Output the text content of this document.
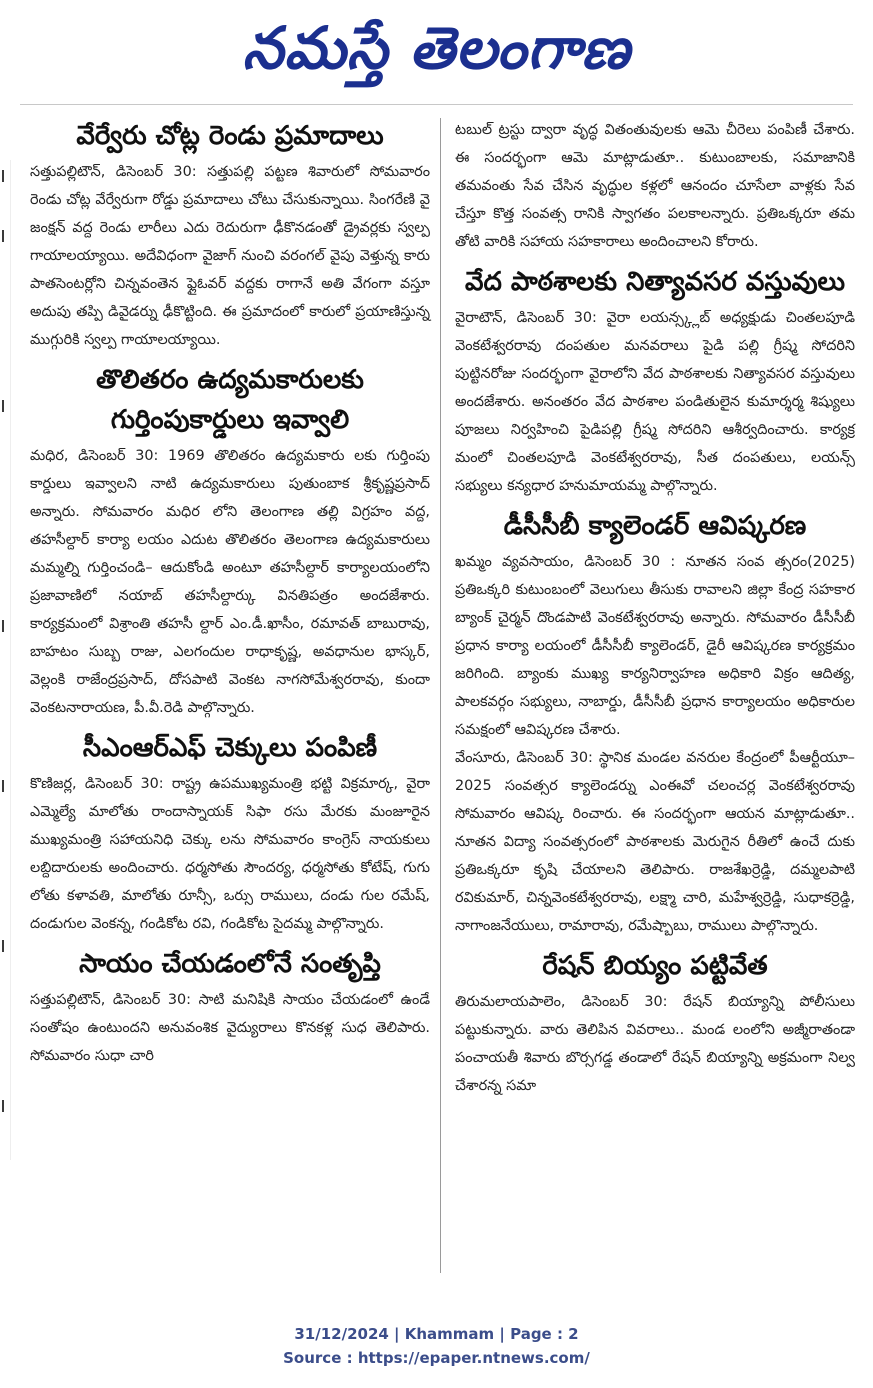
నమస్తే తెలంగాణ
వేర్వేరు చోట్ల రెండు ప్రమాదాలు

సత్తుపల్లిటౌన్, డిసెంబర్ 30: సత్తుపల్లి పట్టణ శివారులో సోమవారం రెండు చోట్ల వేర్వేరుగా రోడ్డు ప్రమాదాలు చోటు చేసుకున్నాయి. సింగరేణి వై జంక్షన్ వద్ద రెండు లారీలు ఎదు రెదురుగా ఢీకొనడంతో డ్రైవర్లకు స్వల్ప గాయాలయ్యాయి. అదేవిధంగా వైజాగ్ నుంచి వరంగల్ వైపు వెళ్తున్న కారు పాతసెంటర్లోని చిన్నవంతెన ఫ్లైఓవర్ వద్దకు రాగానే అతి వేగంగా వస్తూ అదుపు తప్పి డివైడర్ను ఢీకొట్టింది. ఈ ప్రమాదంలో కారులో ప్రయాణిస్తున్న ముగ్గురికి స్వల్ప గాయాలయ్యాయి.

తొలితరం ఉద్యమకారులకు గుర్తింపుకార్డులు ఇవ్వాలి

మధిర, డిసెంబర్ 30: 1969 తొలితరం ఉద్యమకారు లకు గుర్తింపు కార్డులు ఇవ్వాలని నాటి ఉద్యమకారులు పుతుంబాక శ్రీకృష్ణప్రసాద్ అన్నారు. సోమవారం మధిర లోని తెలంగాణ తల్లి విగ్రహం వద్ద, తహసీల్దార్ కార్యా లయం ఎదుట తొలితరం తెలంగాణ ఉద్యమకారులు మమ్మల్ని గుర్తించండి– ఆదుకోండి అంటూ తహసీల్దార్ కార్యాలయంలోని ప్రజావాణిలో నయాబ్ తహసీల్దార్కు వినతిపత్రం అందజేశారు. కార్యక్రమంలో విశ్రాంతి తహసీ ల్దార్ ఎం.డీ.ఖాసీం, రమావత్ బాబురావు, బాహటం సుబ్బ రాజు, ఎలగందుల రాధాకృష్ణ, అవధానుల భాస్కర్, వెల్లంకి రాజేంద్రప్రసాద్, దోసపాటి వెంకట నాగసోమేశ్వరరావు, కుందా వెంకటనారాయణ, పీ.వీ.రెడి పాల్గొన్నారు.

సీఎంఆర్ఎఫ్ చెక్కులు పంపిణీ

కొణిజర్ల, డిసెంబర్ 30: రాష్ట్ర ఉపముఖ్యమంత్రి భట్టి విక్రమార్క, వైరా ఎమ్మెల్యే మాలోతు రాందాస్నాయక్ సిఫా రసు మేరకు మంజూరైన ముఖ్యమంత్రి సహాయనిధి చెక్కు లను సోమవారం కాంగ్రెస్ నాయకులు లబ్దిదారులకు అందించారు. ధర్మసోతు సౌందర్య, ధర్మసోతు కోటేష్, గుగు లోతు కళావతి, మాలోతు రూన్సీ, ఒర్సు రాములు, దండు గుల రమేష్, దండుగుల వెంకన్న, గండికోట రవి, గండికోట సైదమ్మ పాల్గొన్నారు.

సాయం చేయడంలోనే సంతృప్తి

సత్తుపల్లిటౌన్, డిసెంబర్ 30: సాటి మనిషికి సాయం చేయడంలో ఉండే సంతోషం ఉంటుందని అనువంశిక వైద్యురాలు కొనకళ్ల సుధ తెలిపారు. సోమవారం సుధా చారి

టబుల్ ట్రస్టు ద్వారా వృద్ధ వితంతువులకు ఆమె చీరెలు పంపిణీ చేశారు. ఈ సందర్భంగా ఆమె మాట్లాడుతూ.. కుటుంబాలకు, సమాజానికి తమవంతు సేవ చేసిన వృద్ధుల కళ్లలో ఆనందం చూసేలా వాళ్లకు సేవ చేస్తూ కొత్త సంవత్స రానికి స్వాగతం పలకాలన్నారు. ప్రతిఒక్కరూ తమ తోటి వారికి సహాయ సహకారాలు అందించాలని కోరారు.

వేద పాఠశాలకు నిత్యావసర వస్తువులు

వైరాటౌన్, డిసెంబర్ 30: వైరా లయన్స్క్లబ్ అధ్యక్షుడు చింతలపూడి వెంకటేశ్వరరావు దంపతుల మనవరాలు పైడి పల్లి గ్రీష్మ సోదరిని పుట్టినరోజు సందర్భంగా వైరాలోని వేద పాఠశాలకు నిత్యావసర వస్తువులు అందజేశారు. అనంతరం వేద పాఠశాల పండితులైన కుమార్శర్మ శిష్యులు పూజలు నిర్వహించి పైడిపల్లి గ్రీష్మ సోదరిని ఆశీర్వదించారు. కార్యక్ర మంలో చింతలపూడి వెంకటేశ్వరరావు, సీత దంపతులు, లయన్స్ సభ్యులు కన్యధార హనుమాయమ్మ పాల్గొన్నారు.

డీసీసీబీ క్యాలెండర్ ఆవిష్కరణ

ఖమ్మం వ్యవసాయం, డిసెంబర్ 30 : నూతన సంవ త్సరం(2025) ప్రతిఒక్కరి కుటుంబంలో వెలుగులు తీసుకు రావాలని జిల్లా కేంద్ర సహకార బ్యాంక్ చైర్మన్ దొండపాటి వెంకటేశ్వరరావు అన్నారు. సోమవారం డీసీసీబీ ప్రధాన కార్యా లయంలో డీసీసీబీ క్యాలెండర్, డైరీ ఆవిష్కరణ కార్యక్రమం జరిగింది. బ్యాంకు ముఖ్య కార్యనిర్వాహణ అధికారి విక్రం ఆదిత్య, పాలకవర్గం సభ్యులు, నాబార్డు, డీసీసీబీ ప్రధాన కార్యాలయం అధికారుల సమక్షంలో ఆవిష్కరణ చేశారు.

వేంసూరు, డిసెంబర్ 30: స్థానిక మండల వనరుల కేంద్రంలో పీఆర్టీయూ–2025 సంవత్సర క్యాలెండర్ను ఎంఈవో చలంచర్ల వెంకటేశ్వరరావు సోమవారం ఆవిష్క రించారు. ఈ సందర్భంగా ఆయన మాట్లాడుతూ.. నూతన విద్యా సంవత్సరంలో పాఠశాలకు మెరుగైన రీతిలో ఉంచే దుకు ప్రతిఒక్కరూ కృషి చేయాలని తెలిపారు. రాజశేఖర్రెడ్డి, దమ్మలపాటి రవికుమార్, చిన్నవెంకటేశ్వరరావు, లక్ష్మా చారి, మహేశ్వర్రెడ్డి, సుధాకర్రెడ్డి, నాగాంజనేయులు, రామారావు, రమేష్బాబు, రాములు పాల్గొన్నారు.

రేషన్ బియ్యం పట్టివేత

తిరుమలాయపాలెం, డిసెంబర్ 30: రేషన్ బియ్యాన్ని పోలీసులు పట్టుకున్నారు. వారు తెలిపిన వివరాలు.. మండ లంలోని అజ్మీరాతండా పంచాయతీ శివారు బొర్సగడ్డ తండాలో రేషన్ బియ్యాన్ని అక్రమంగా నిల్వ చేశారన్న సమా

31/12/2024 | Khammam | Page : 2
Source : https://epaper.ntnews.com/
